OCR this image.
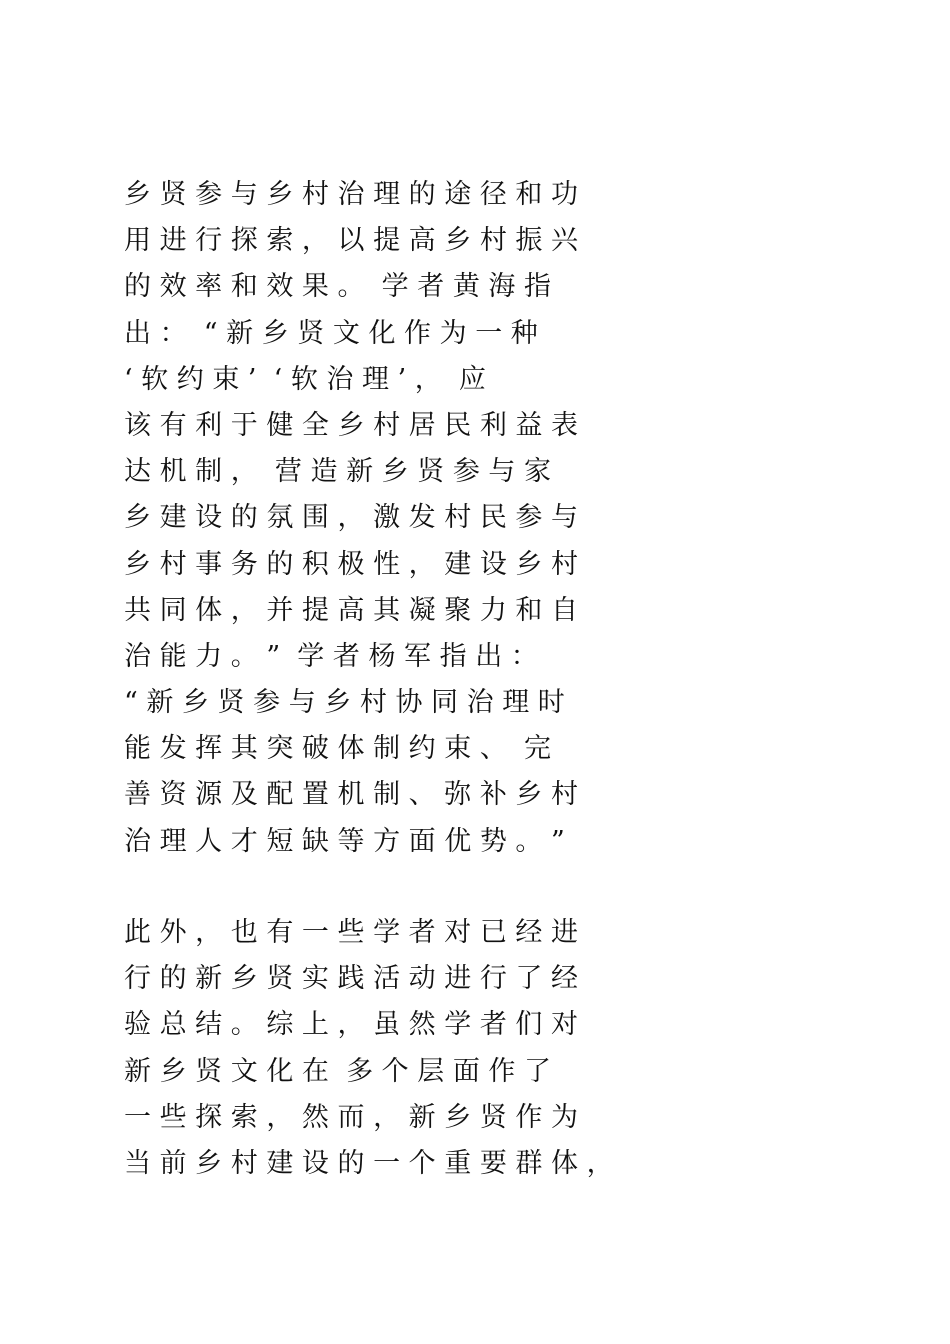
乡 贤 参 与 乡 村 治 理 的 途 径 和 功
用 进 行 探 索 ， 以 提 高 乡 村 振 兴
的 效 率 和 效 果 。  学 者 黄 海 指
出 ：  “ 新 乡 贤 文 化 作 为 一 种
‘ 软 约 束 ’  ‘ 软 治 理 ’ ，  应
该 有 利 于 健 全 乡 村 居 民 利 益 表
达 机 制 ，  营 造 新 乡 贤 参 与 家
乡 建 设 的 氛 围 ， 激 发 村 民 参 与
乡 村 事 务 的 积 极 性 ， 建 设 乡 村
共 同 体 ， 并 提 高 其 凝 聚 力 和 自
治 能 力 。 ”  学 者 杨 军 指 出 ：
“ 新 乡 贤 参 与 乡 村 协 同 治 理 时
能 发 挥 其 突 破 体 制 约 束 、  完
善 资 源 及 配 置 机 制 、 弥 补 乡 村
治 理 人 才 短 缺 等 方 面 优 势 。 ”
此 外 ， 也 有 一 些 学 者 对 已 经 进
行 的 新 乡 贤 实 践 活 动 进 行 了 经
验 总 结 。 综 上 ， 虽 然 学 者 们 对
新 乡 贤 文 化 在  多 个 层 面 作 了
一 些 探 索 ， 然 而 ， 新 乡 贤 作 为
当 前 乡 村 建 设 的 一 个 重 要 群 体 ，
